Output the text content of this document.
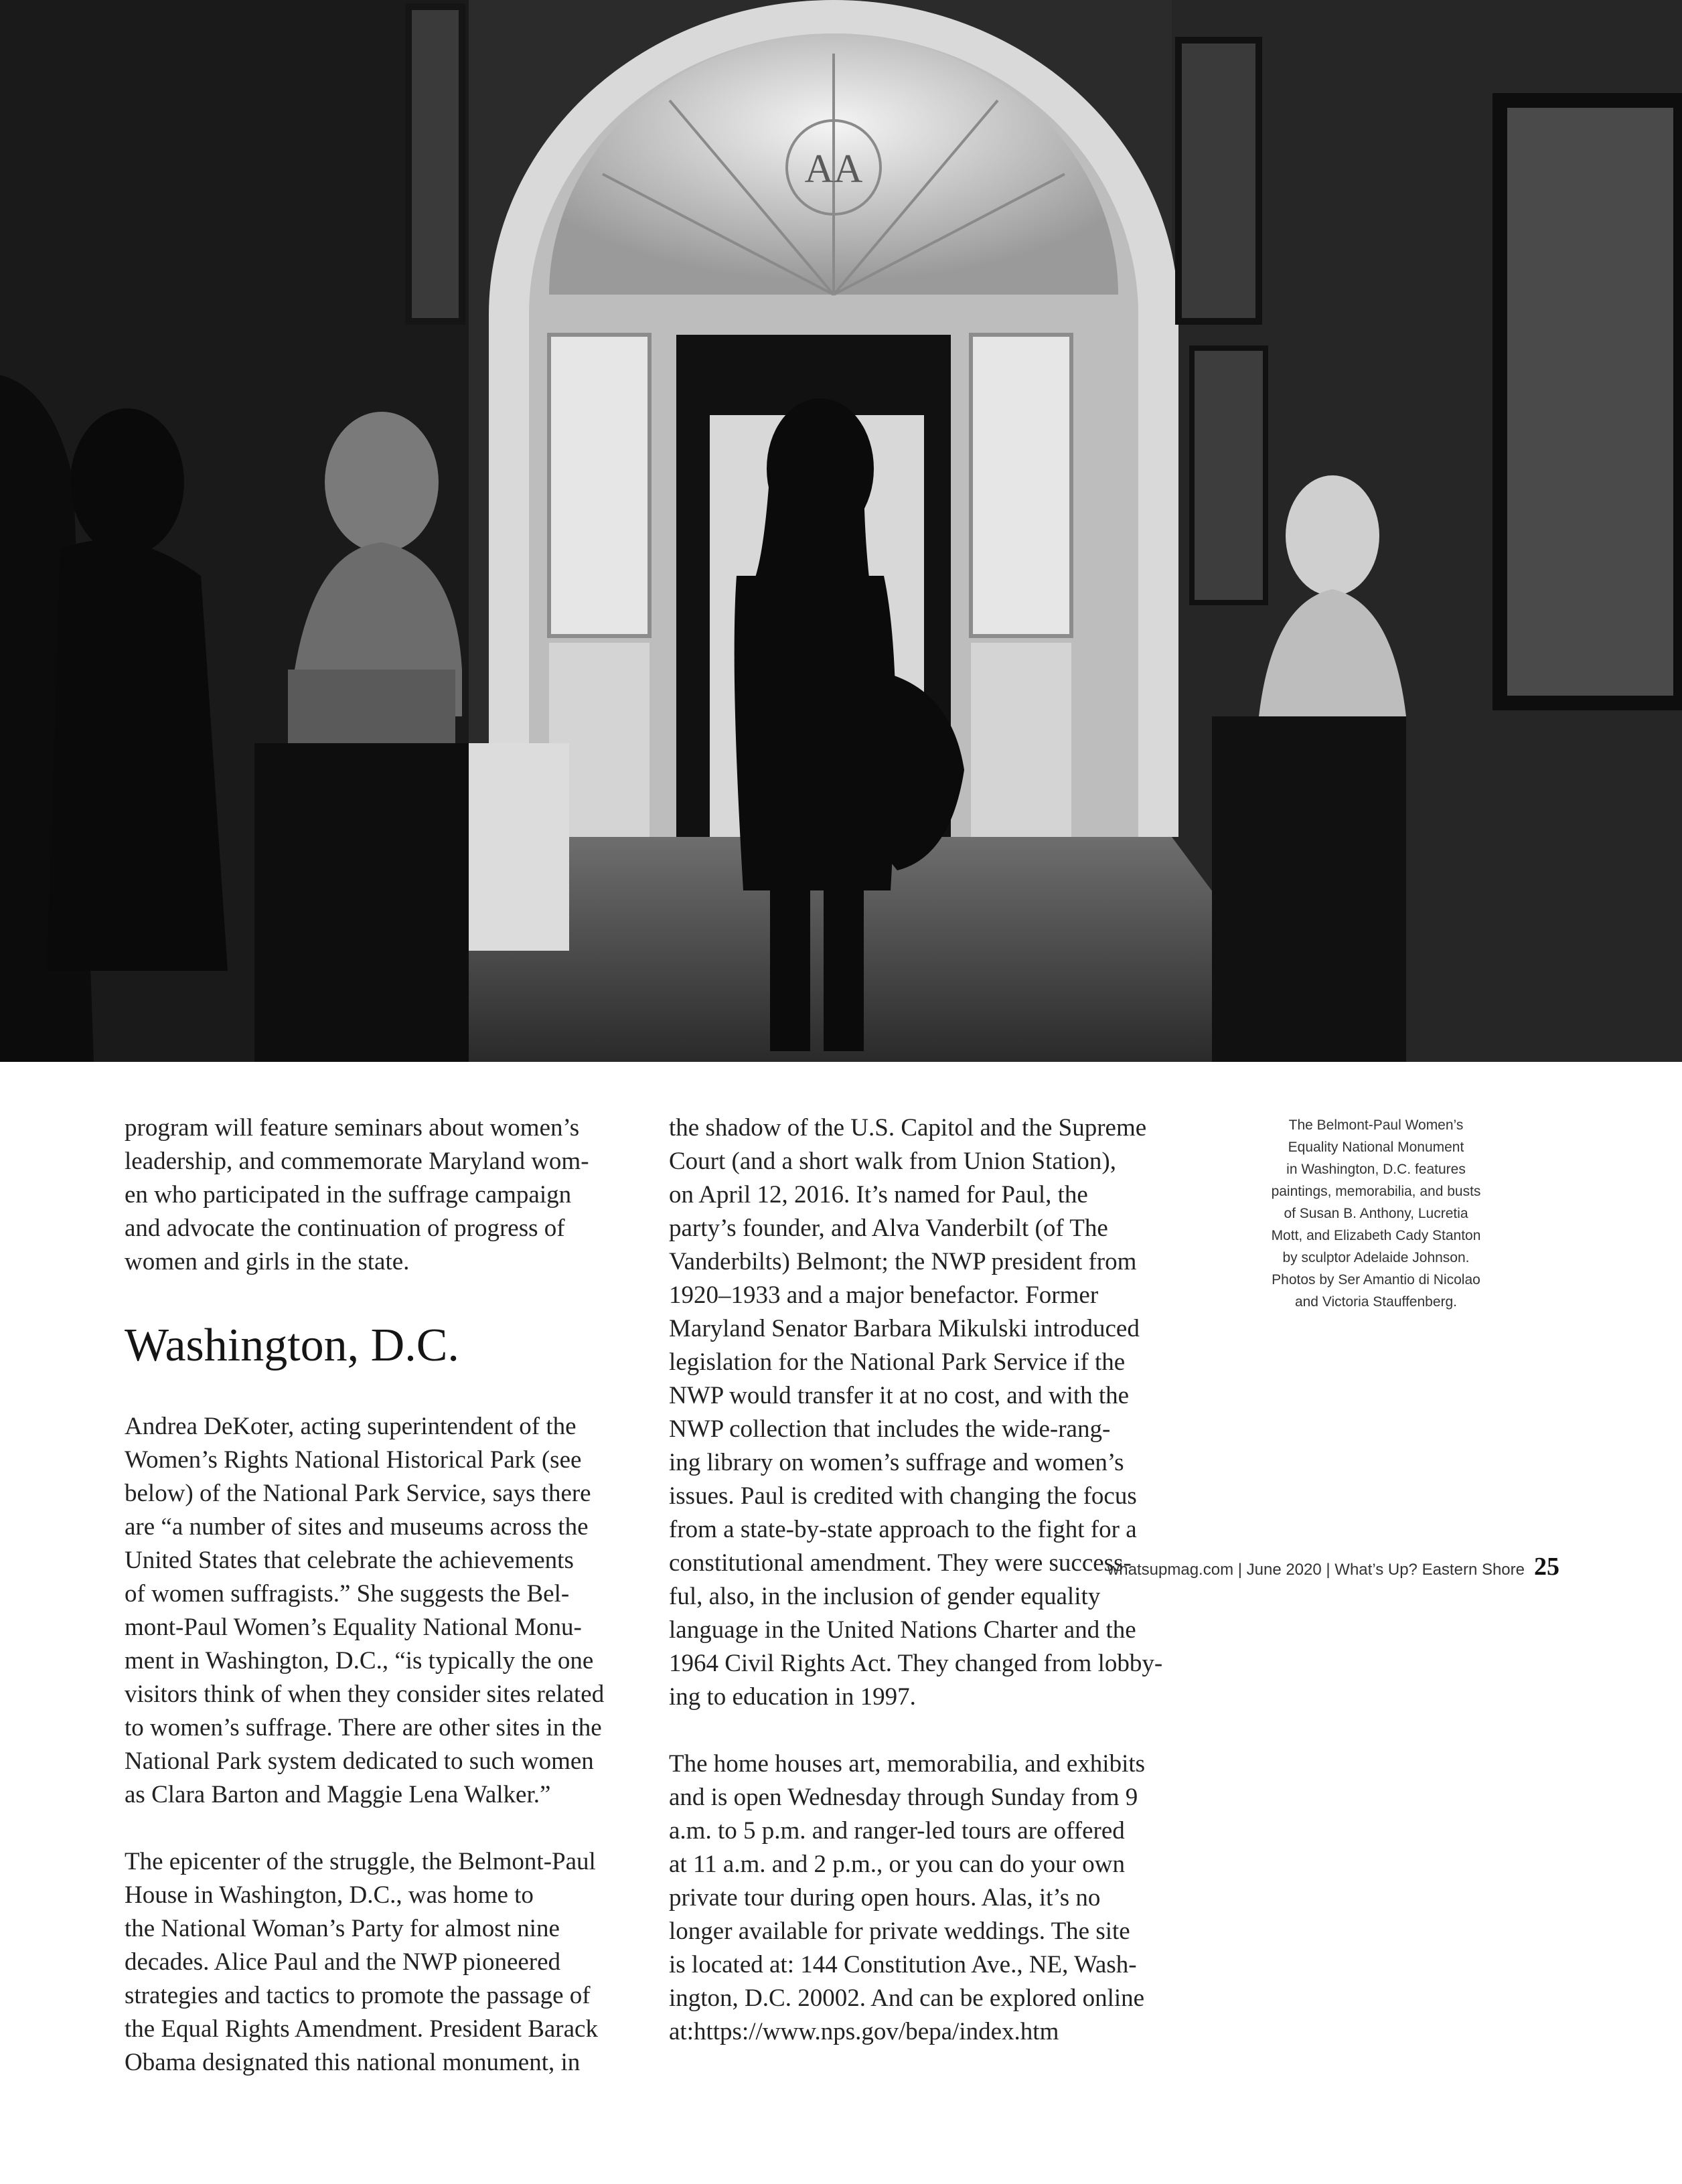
AA

program will feature seminars about women’s
leadership, and commemorate Maryland wom-
en who participated in the suffrage campaign
and advocate the continuation of progress of
women and girls in the state.

Washington, D.C.

Andrea DeKoter, acting superintendent of the
Women’s Rights National Historical Park (see
below) of the National Park Service, says there
are “a number of sites and museums across the
United States that celebrate the achievements
of women suffragists.” She suggests the Bel-
mont-Paul Women’s Equality National Monu-
ment in Washington, D.C., “is typically the one
visitors think of when they consider sites related
to women’s suffrage. There are other sites in the
National Park system dedicated to such women
as Clara Barton and Maggie Lena Walker.”

The epicenter of the struggle, the Belmont-Paul
House in Washington, D.C., was home to
the National Woman’s Party for almost nine
decades. Alice Paul and the NWP pioneered
strategies and tactics to promote the passage of
the Equal Rights Amendment. President Barack
Obama designated this national monument, in

the shadow of the U.S. Capitol and the Supreme
Court (and a short walk from Union Station),
on April 12, 2016. It’s named for Paul, the
party’s founder, and Alva Vanderbilt (of The
Vanderbilts) Belmont; the NWP president from
1920–1933 and a major benefactor. Former
Maryland Senator Barbara Mikulski introduced
legislation for the National Park Service if the
NWP would transfer it at no cost, and with the
NWP collection that includes the wide-rang-
ing library on women’s suffrage and women’s
issues. Paul is credited with changing the focus
from a state-by-state approach to the fight for a
constitutional amendment. They were success-
ful, also, in the inclusion of gender equality
language in the United Nations Charter and the
1964 Civil Rights Act. They changed from lobby-
ing to education in 1997.

The home houses art, memorabilia, and exhibits
and is open Wednesday through Sunday from 9
a.m. to 5 p.m. and ranger-led tours are offered
at 11 a.m. and 2 p.m., or you can do your own
private tour during open hours. Alas, it’s no
longer available for private weddings. The site
is located at: 144 Constitution Ave., NE, Wash-
ington, D.C. 20002. And can be explored online
at:https://www.nps.gov/bepa/index.htm

The Belmont-Paul Women’s
Equality National Monument
in Washington, D.C. features
paintings, memorabilia, and busts
of Susan B. Anthony, Lucretia
Mott, and Elizabeth Cady Stanton
by sculptor Adelaide Johnson.
Photos by Ser Amantio di Nicolao
and Victoria Stauffenberg.

whatsupmag.com | June 2020 | What’s Up? Eastern Shore 25
